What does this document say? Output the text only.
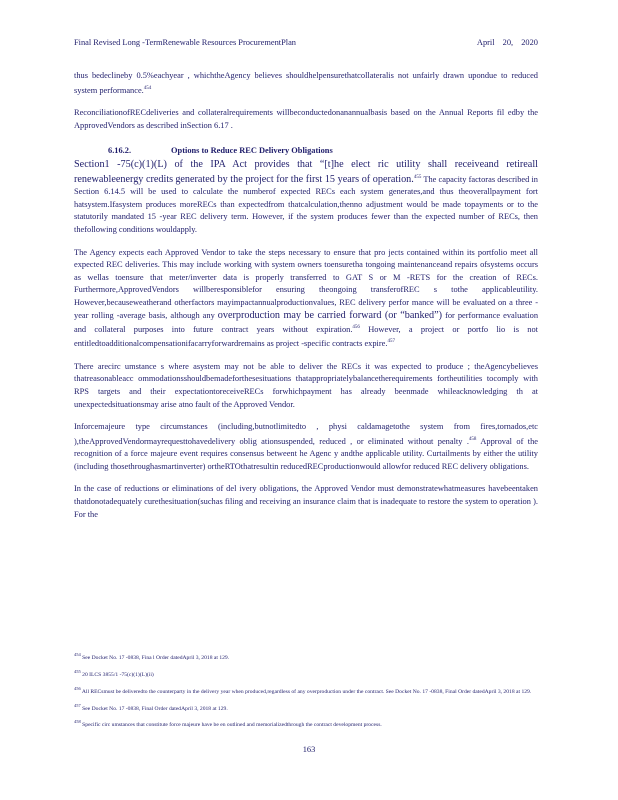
Final Revised Long -TermRenewable Resources ProcurementPlan	April 20, 2020

thus bedeclineby 0.5%eachyear , whichtheAgency believes shouldhelpensurethatcollateralis not unfairly drawn uponduе to reduced system performance.$^{454}$

ReconciliationofRECdeliveries and collateralrequirements willbeconductedonanannualbasis based on the Annual Reports fil edby the ApprovedVendors as described inSection 6.17 .

6.16.2.	Options to Reduce REC Delivery Obligations

Section1 -75(c)(1)(L) of the IPA Act provides that “[t]he elect ric utility shall receiveand retireall renewableenergy credits generated by the project for the first 15 years of operation.$^{455}$ The capacity factoras described in Section 6.14.5 will be used to calculate the numberof expected RECs each system generates,and thus theoverallpayment fort hatsystem.Ifasystem produces moreRECs than expectedfrom thatcalculation,thenno adjustment would be made topayments or to the statutorily mandated 15 -year REC delivery term. However, if the system produces fewer than the expected number of RECs, then thefollowing conditions wouldapply.

The Agency expects each Approved Vendor to take the steps necessary to ensure that pro jects contained within its portfolio meet all expected REC deliveries. This may include working with system owners toensurethа tongoing maintenanceand repairs ofsystems occurs as wellas toensure that meter/inverter data is properly transferred to GAT S or M -RETS for the creation of RECs. Furthermore,ApprovedVendors willberesponsiblefor ensuring theongoing transferofREC s tothe applicableutility. However,becauseweatherand otherfactors mayimpactannualproductionvalues, REC delivery perfor mance will be evaluated on a three -year rolling -average basis, although any overproduction may be carried forward (or “banked”) for performance evaluation and collateral purposes into future contract years without expiration.$^{456}$ However, a project or portfo lio is not entitledtoadditionalcompensationifacarryforwardremains as project -specific contracts expire.$^{457}$

There arecirc umstance s where asystem may not be able to deliver the RECs it was expected to produce ; theAgencybelieves thatreasonableacc ommodationsshouldbemadeforthesesituations thatappropriatelybalancetherequirements fortheutilities tocomply with RPS targets and their expectationtoreceiveRECs forwhichpayment has already beenmade whileacknowledging th at unexpectedsituationsmay arise atno fault of the Approved Vendor.

Inforcemajeure type circumstances (including,butnotlimitedto , physi caldamagetothe system from fires,tornados,etc ),theApprovedVendormayrequesttohavedelivery oblig ationsuspended, reduced , or eliminated without penalty .$^{458}$ Approval of the recognition of a force majeure event requires consensus betweent he Agenc y andthe applicable utility. Curtailments by either the utility (including thosethroughasmartinverter) ortheRTOthatresultin reducedRECproductionwould allowfor reduced REC delivery obligations.

In the case of reductions or eliminations of del ivery obligations, the Approved Vendor must demonstratewhatmeasures havebeentaken thatdonotadequately curethesituation(suchas filing and receiving an insurance claim that is inadequate to restore the system to operation ). For the

$^{454}$ See Docket No. 17 -0838, Fina l Order datedApril 3, 2018 at 129.

$^{455}$ 20 ILCS 3855/1 -75(c)(1)(L)(ii)

$^{456}$ All RECsmust be deliveredto the counterparty in the delivery year when produced,regardless of any overproduction under the contract. See Docket No. 17 -0838, Final Order datedApril 3, 2018 at 129.

$^{457}$ See Docket No. 17 -0838, Final Order datedApril 3, 2018 at 129.

$^{458}$ Specific circ umstances that constitute force majeure have be en outlined and memorializedthrough the contract development process.

163
